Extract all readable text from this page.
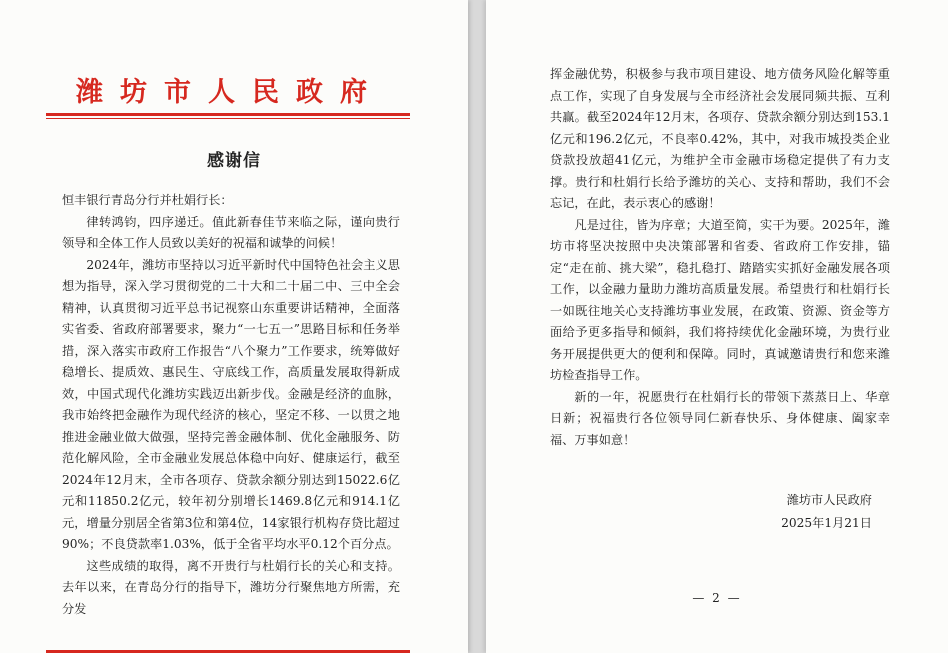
潍坊市人民政府
感谢信

恒丰银行青岛分行并杜娟行长：

律转鸿钧，四序递迁。值此新春佳节来临之际，谨向贵行领导和全体工作人员致以美好的祝福和诚挚的问候！

2024年，潍坊市坚持以习近平新时代中国特色社会主义思想为指导，深入学习贯彻党的二十大和二十届二中、三中全会精神，认真贯彻习近平总书记视察山东重要讲话精神，全面落实省委、省政府部署要求，聚力“一七五一”思路目标和任务举措，深入落实市政府工作报告“八个聚力”工作要求，统筹做好稳增长、提质效、惠民生、守底线工作，高质量发展取得新成效，中国式现代化潍坊实践迈出新步伐。金融是经济的血脉，我市始终把金融作为现代经济的核心，坚定不移、一以贯之地推进金融业做大做强，坚持完善金融体制、优化金融服务、防范化解风险，全市金融业发展总体稳中向好、健康运行，截至2024年12月末，全市各项存、贷款余额分别达到15022.6亿元和11850.2亿元，较年初分别增长1469.8亿元和914.1亿元，增量分别居全省第3位和第4位，14家银行机构存贷比超过90%；不良贷款率1.03%，低于全省平均水平0.12个百分点。

这些成绩的取得，离不开贵行与杜娟行长的关心和支持。去年以来，在青岛分行的指导下，潍坊分行聚焦地方所需，充分发

挥金融优势，积极参与我市项目建设、地方债务风险化解等重点工作，实现了自身发展与全市经济社会发展同频共振、互利共赢。截至2024年12月末，各项存、贷款余额分别达到153.1亿元和196.2亿元，不良率0.42%，其中，对我市城投类企业贷款投放超41亿元，为维护全市金融市场稳定提供了有力支撑。贵行和杜娟行长给予潍坊的关心、支持和帮助，我们不会忘记，在此，表示衷心的感谢！

凡是过往，皆为序章；大道至简，实干为要。2025年，潍坊市将坚决按照中央决策部署和省委、省政府工作安排，锚定“走在前、挑大梁”，稳扎稳打、踏踏实实抓好金融发展各项工作，以金融力量助力潍坊高质量发展。希望贵行和杜娟行长一如既往地关心支持潍坊事业发展，在政策、资源、资金等方面给予更多指导和倾斜，我们将持续优化金融环境，为贵行业务开展提供更大的便利和保障。同时，真诚邀请贵行和您来潍坊检查指导工作。

新的一年，祝愿贵行在杜娟行长的带领下蒸蒸日上、华章日新；祝福贵行各位领导同仁新春快乐、身体健康、阖家幸福、万事如意！

潍坊市人民政府
2025年1月21日
— 2 —
